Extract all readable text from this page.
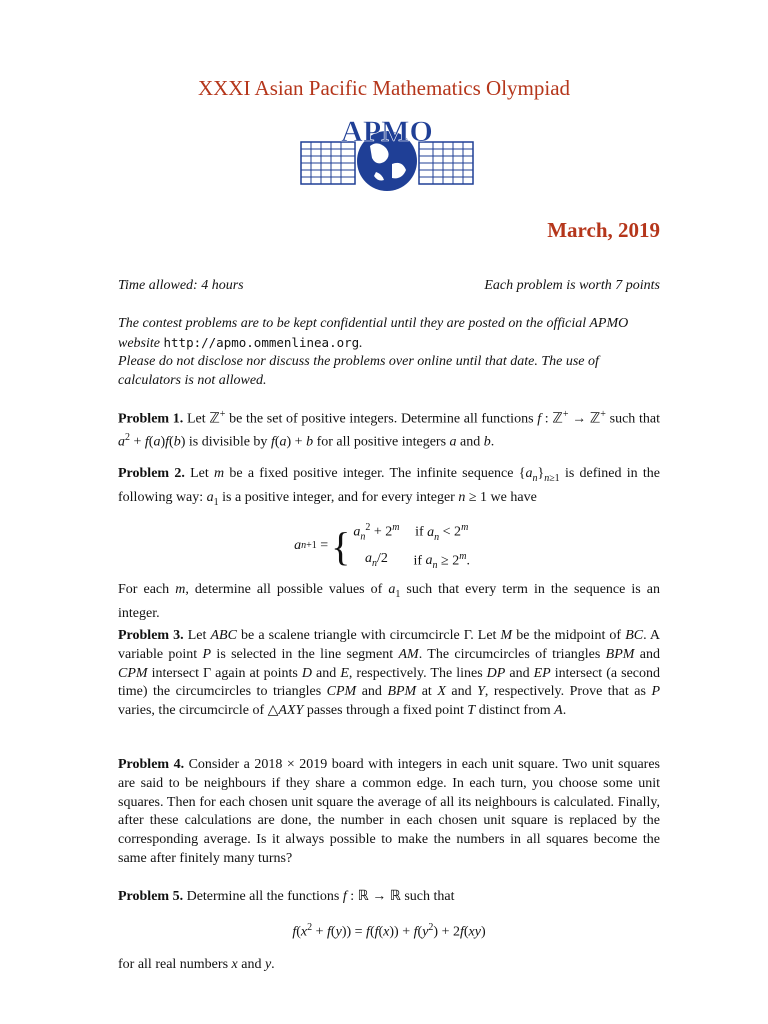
XXXI Asian Pacific Mathematics Olympiad
APMO
March, 2019
Time allowed: 4 hours	Each problem is worth 7 points
The contest problems are to be kept confidential until they are posted on the official APMO website http://apmo.ommenlinea.org.
Please do not disclose nor discuss the problems over online until that date. The use of calculators is not allowed.
Problem 1. Let ℤ+ be the set of positive integers. Determine all functions f : ℤ+ → ℤ+ such that $a^2 + f(a)f(b)$ is divisible by f(a) + b for all positive integers a and b.
Problem 2. Let m be a fixed positive integer. The infinite sequence $\{a_n\}_{n\ge 1}$ is defined in the following way: $a_1$ is a positive integer, and for every integer n ≥ 1 we have
a n+1 = { $a_n^2 + 2^m$	if $a_n < 2^m$
$a_n/2$	if $a_n \ge 2^m$.
For each m, determine all possible values of $a_1$ such that every term in the sequence is an integer.
Problem 3. Let ABC be a scalene triangle with circumcircle Γ. Let M be the midpoint of BC. A variable point P is selected in the line segment AM. The circumcircles of triangles BPM and CPM intersect Γ again at points D and E, respectively. The lines DP and EP intersect (a second time) the circumcircles to triangles CPM and BPM at X and Y, respectively. Prove that as P varies, the circumcircle of △AXY passes through a fixed point T distinct from A.
Problem 4. Consider a 2018 × 2019 board with integers in each unit square. Two unit squares are said to be neighbours if they share a common edge. In each turn, you choose some unit squares. Then for each chosen unit square the average of all its neighbours is calculated. Finally, after these calculations are done, the number in each chosen unit square is replaced by the corresponding average. Is it always possible to make the numbers in all squares become the same after finitely many turns?
Problem 5. Determine all the functions f : ℝ → ℝ such that
$f(x^2 + f(y)) = f(f(x)) + f(y^2) + 2f(xy)$
for all real numbers x and y.
